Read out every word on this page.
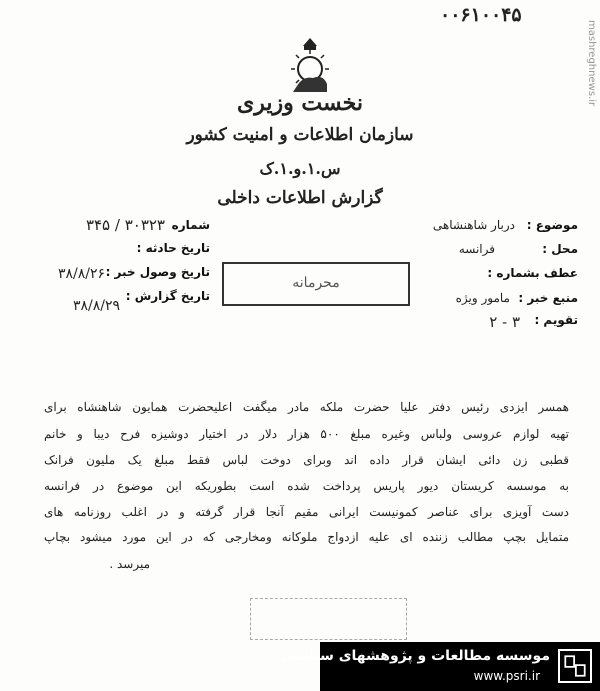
۰۰۶۱۰۰۴۵
mashreghnews.ir
نخست وزیری
سازمان اطلاعات و امنیت کشور
س.۱.و.۱.ک
گزارش اطلاعات داخلی
موضوع :
دربار شاهنشاهی
محل :
فرانسه
عطف بشماره :
منبع خبر :
مامور ویژه
تقویم :
۳ - ۲
شماره
۳۰۳۲۳ / ۳۴۵
تاریخ حادثه :
تاریخ وصول خبر :
۳۸/۸/۲۶
تاریخ گزارش :
۳۸/۸/۲۹
محرمانه
همسر ایزدی رئیس دفتر علیا حضرت ملکه مادر میگفت اعلیحضرت همایون شاهنشاه برای
تهیه لوازم عروسی ولباس وغیره مبلغ ۵۰۰ هزار دلار در اختیار دوشیزه فرح دیبا و خانم
قطبی زن دائی ایشان قرار داده اند وبرای دوخت لباس فقط مبلغ یک ملیون فرانک
به موسسه کریستان دیور پاریس پرداخت شده است بطوریکه این موضوع در فرانسه
دست آویزی برای عناصر کمونیست ایرانی مقیم آنجا قرار گرفته و در اغلب روزنامه های
متمایل بچپ مطالب زننده ای علیه ازدواج ملوکانه ومخارجی که در این مورد میشود بچاپ
میرسد .
موسسه مطالعات و پژوهشهای سیاسی
www.psri.ir
